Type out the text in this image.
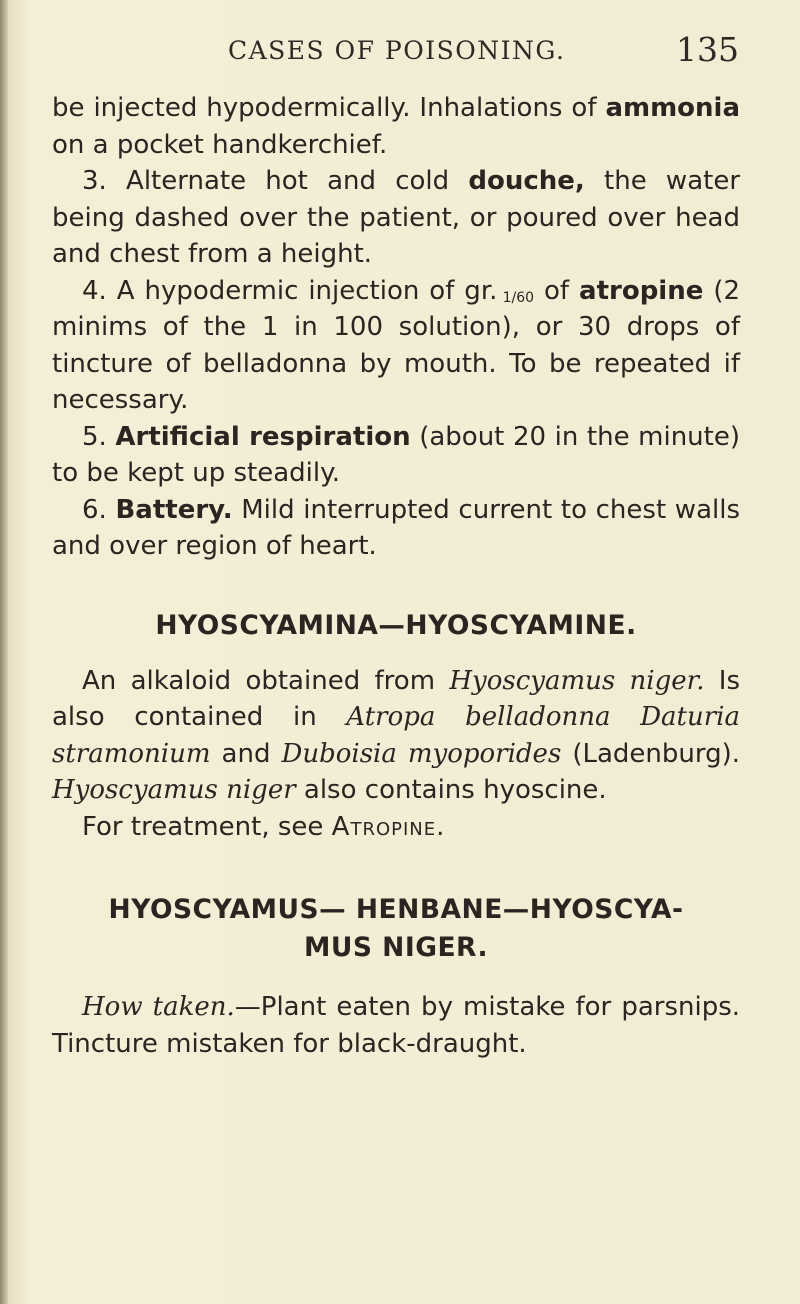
CASES OF POISONING.	135

be injected hypodermically. Inhalations of ammonia on a pocket handkerchief.

3. Alternate hot and cold douche, the water being dashed over the patient, or poured over head and chest from a height.

4. A hypodermic injection of gr.  1/60 of atropine (2 minims of the 1 in 100 solution), or 30 drops of tincture of belladonna by mouth. To be repeated if necessary.

5. Artificial respiration (about 20 in the minute) to be kept up steadily.

6. Battery. Mild interrupted current to chest walls and over region of heart.

HYOSCYAMINA—HYOSCYAMINE.

An alkaloid obtained from Hyoscyamus niger. Is also contained in Atropa belladonna Daturia stramonium and Duboisia myoporides (Ladenburg). Hyoscyamus niger also contains hyoscine.

For treatment, see Atropine.

HYOSCYAMUS— HENBANE—HYOSCYA-
MUS NIGER.

How taken.—Plant eaten by mistake for parsnips. Tincture mistaken for black-draught.
